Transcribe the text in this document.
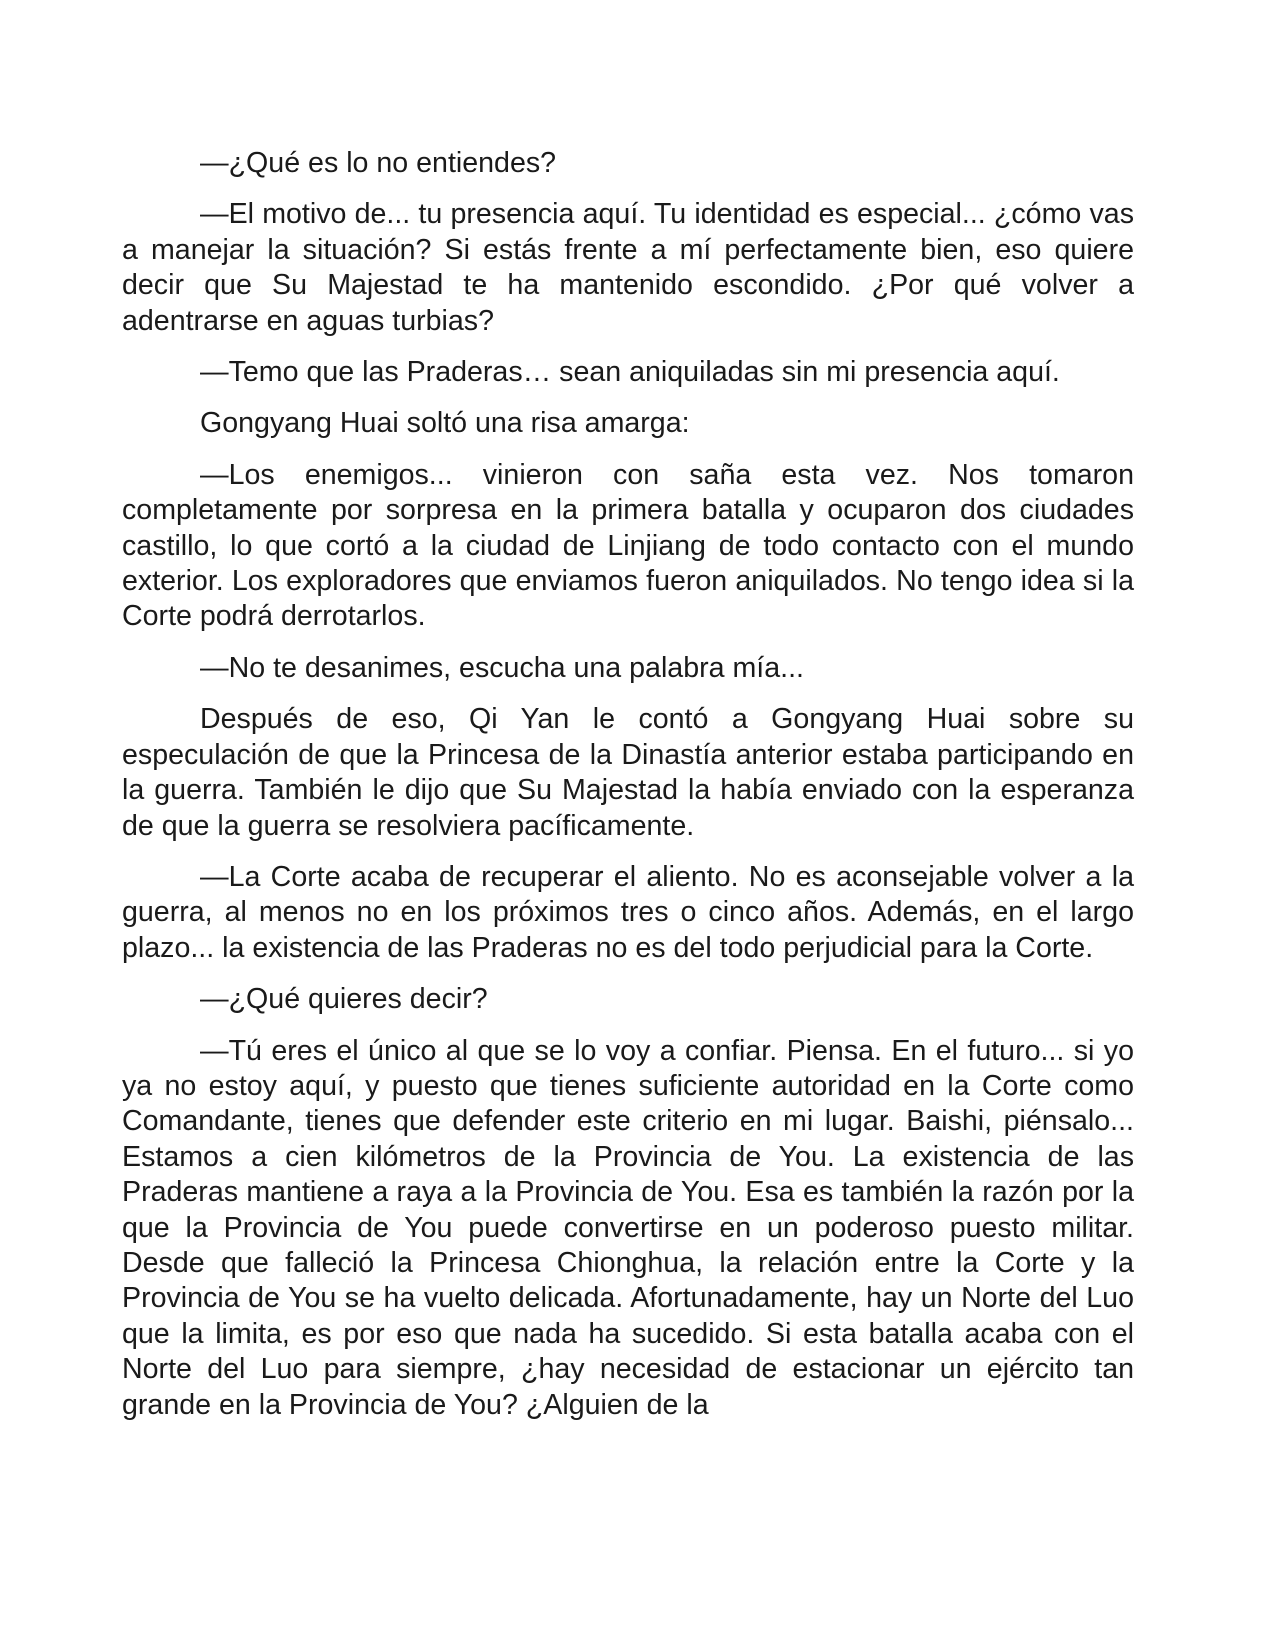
—¿Qué es lo no entiendes?

—El motivo de... tu presencia aquí. Tu identidad es especial... ¿cómo vas a manejar la situación? Si estás frente a mí perfectamente bien, eso quiere decir que Su Majestad te ha mantenido escondido. ¿Por qué volver a adentrarse en aguas turbias?

—Temo que las Praderas… sean aniquiladas sin mi presencia aquí.

Gongyang Huai soltó una risa amarga:

—Los enemigos... vinieron con saña esta vez. Nos tomaron completamente por sorpresa en la primera batalla y ocuparon dos ciudades castillo, lo que cortó a la ciudad de Linjiang de todo contacto con el mundo exterior. Los exploradores que enviamos fueron aniquilados. No tengo idea si la Corte podrá derrotarlos.

—No te desanimes, escucha una palabra mía...

Después de eso, Qi Yan le contó a Gongyang Huai sobre su especulación de que la Princesa de la Dinastía anterior estaba participando en la guerra. También le dijo que Su Majestad la había enviado con la esperanza de que la guerra se resolviera pacíficamente.

—La Corte acaba de recuperar el aliento. No es aconsejable volver a la guerra, al menos no en los próximos tres o cinco años. Además, en el largo plazo... la existencia de las Praderas no es del todo perjudicial para la Corte.

—¿Qué quieres decir?

—Tú eres el único al que se lo voy a confiar. Piensa. En el futuro... si yo ya no estoy aquí, y puesto que tienes suficiente autoridad en la Corte como Comandante, tienes que defender este criterio en mi lugar. Baishi, piénsalo... Estamos a cien kilómetros de la Provincia de You. La existencia de las Praderas mantiene a raya a la Provincia de You. Esa es también la razón por la que la Provincia de You puede convertirse en un poderoso puesto militar. Desde que falleció la Princesa Chionghua, la relación entre la Corte y la Provincia de You se ha vuelto delicada. Afortunadamente, hay un Norte del Luo que la limita, es por eso que nada ha sucedido. Si esta batalla acaba con el Norte del Luo para siempre, ¿hay necesidad de estacionar un ejército tan grande en la Provincia de You? ¿Alguien de la
